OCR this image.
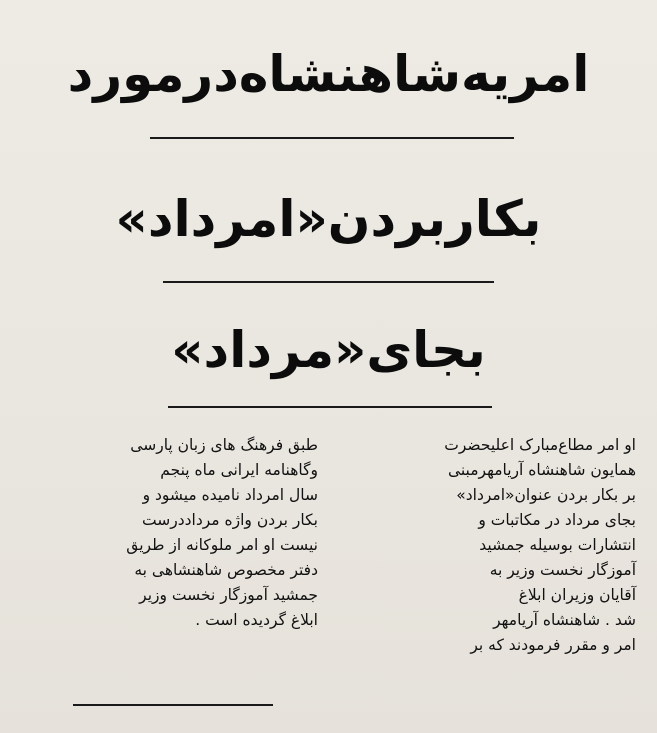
امریه‌شاهنشاه‌درمورد
بکاربردن«امرداد»
بجای«مرداد»
او امر مطاع‌مبارک اعلیحضرت
همایون شاهنشاه آریامهرمبنی
بر بکار بردن عنوان«امرداد»
بجای مرداد در مکاتبات و
انتشارات بوسیله جمشید
آموزگار نخست وزیر به
آقایان وزیران ابلاغ
شد . شاهنشاه آریامهر
امر و مقرر فرمودند که بر
طبق فرهنگ های زبان پارسی
وگاهنامه ایرانی ماه پنجم
سال امرداد نامیده میشود و
بکار بردن واژه مرداددرست
نیست او امر ملوکانه از طریق
دفتر مخصوص شاهنشاهی به
جمشید آموزگار نخست وزیر
ابلاغ گردیده است .
